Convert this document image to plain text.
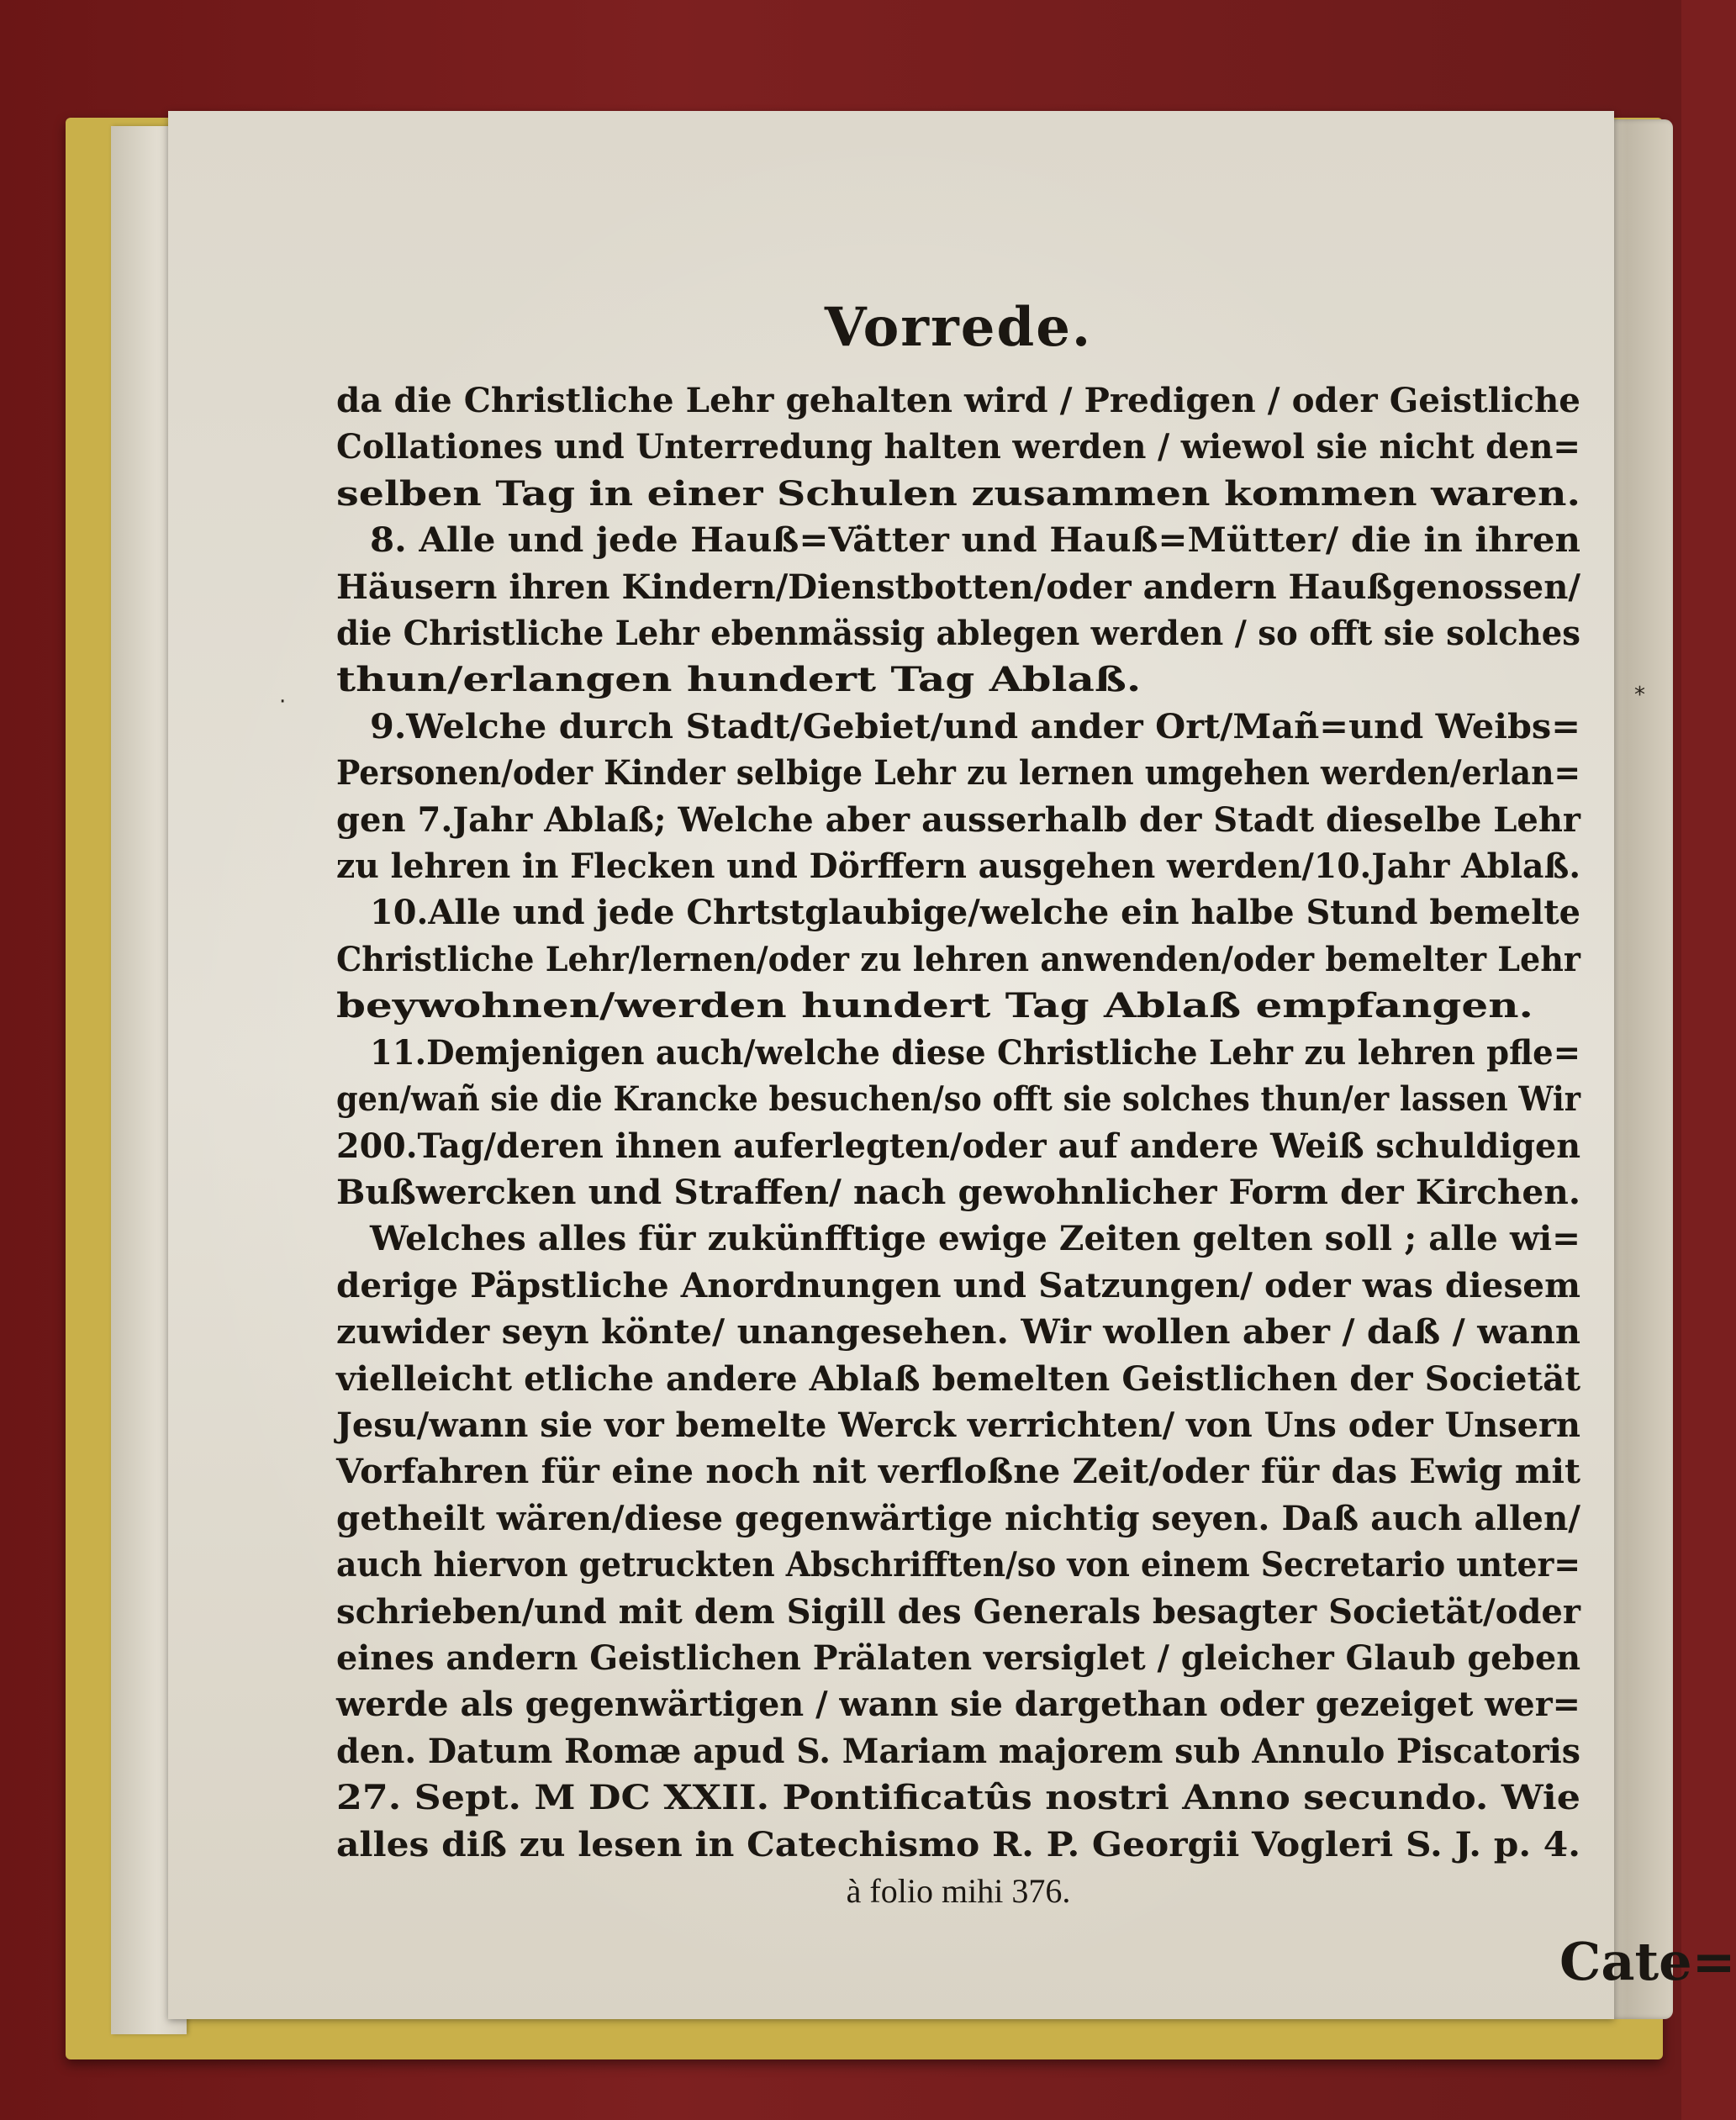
Vorrede.
da die Christliche Lehr gehalten wird / Predigen / oder Geistliche
Collationes und Unterredung halten werden / wiewol sie nicht den=
selben Tag in einer Schulen zusammen kommen waren.
8. Alle und jede Hauß=Vätter und Hauß=Mütter/ die in ihren
Häusern ihren Kindern/Dienstbotten/oder andern Haußgenossen/
die Christliche Lehr ebenmässig ablegen werden / so offt sie solches
thun/erlangen hundert Tag Ablaß.
9.Welche durch Stadt/Gebiet/und ander Ort/Mañ=und Weibs=
Personen/oder Kinder selbige Lehr zu lernen umgehen werden/erlan=
gen 7.Jahr Ablaß; Welche aber ausserhalb der Stadt dieselbe Lehr
zu lehren in Flecken und Dörffern ausgehen werden/10.Jahr Ablaß.
10.Alle und jede Chrtstglaubige/welche ein halbe Stund bemelte
Christliche Lehr/lernen/oder zu lehren anwenden/oder bemelter Lehr
beywohnen/werden hundert Tag Ablaß empfangen.
11.Demjenigen auch/welche diese Christliche Lehr zu lehren pfle=
gen/wañ sie die Krancke besuchen/so offt sie solches thun/er lassen Wir
200.Tag/deren ihnen auferlegten/oder auf andere Weiß schuldigen
Bußwercken und Straffen/ nach gewohnlicher Form der Kirchen.
Welches alles für zukünfftige ewige Zeiten gelten soll ; alle wi=
derige Päpstliche Anordnungen und Satzungen/ oder was diesem
zuwider seyn könte/ unangesehen. Wir wollen aber / daß / wann
vielleicht etliche andere Ablaß bemelten Geistlichen der Societät
Jesu/wann sie vor bemelte Werck verrichten/ von Uns oder Unsern
Vorfahren für eine noch nit verfloßne Zeit/oder für das Ewig mit
getheilt wären/diese gegenwärtige nichtig seyen. Daß auch allen/
auch hiervon getruckten Abschrifften/so von einem Secretario unter=
schrieben/und mit dem Sigill des Generals besagter Societät/oder
eines andern Geistlichen Prälaten versiglet / gleicher Glaub geben
werde als gegenwärtigen / wann sie dargethan oder gezeiget wer=
den. Datum Romæ apud S. Mariam majorem sub Annulo Piscatoris
27. Sept. M DC XXII. Pontificatûs nostri Anno secundo. Wie
alles diß zu lesen in Catechismo R. P. Georgii Vogleri S. J. p. 4.
à folio mihi 376.
Cate=
·	*
